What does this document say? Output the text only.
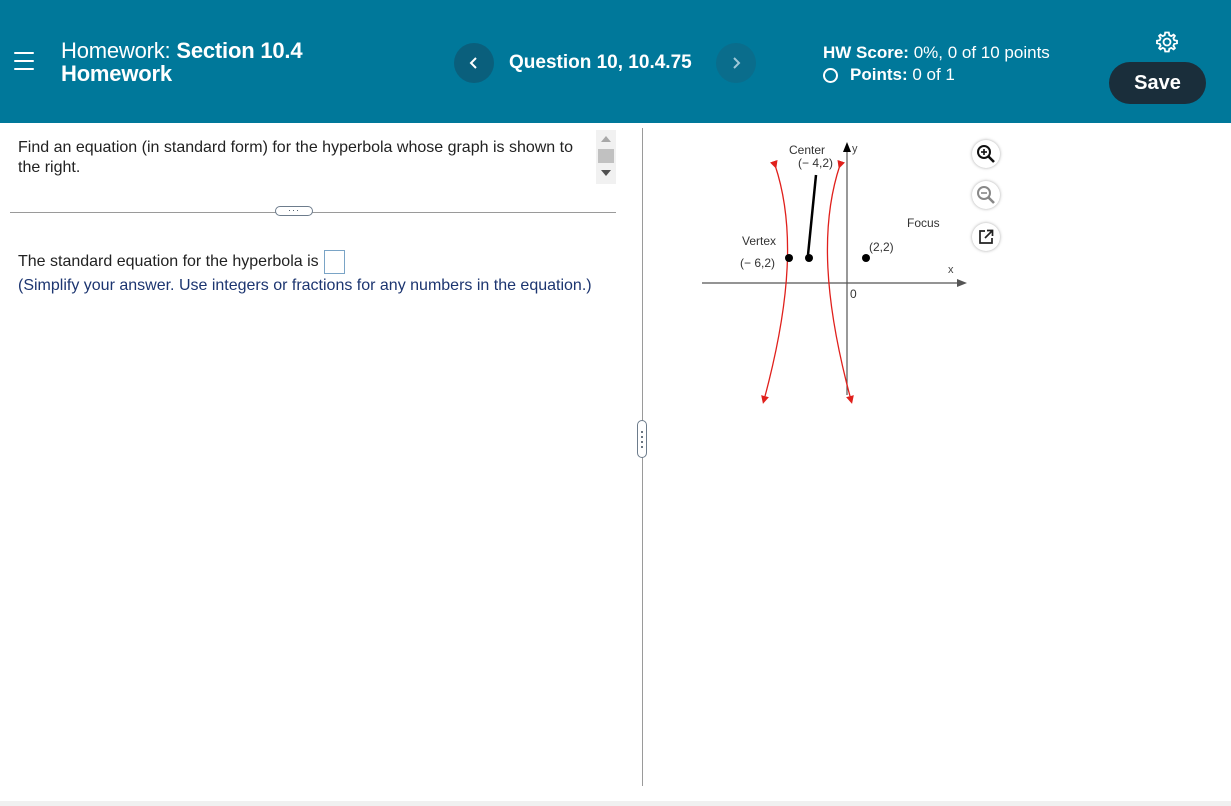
Homework: Section 10.4
Homework	Question 10, 10.4.75	HW Score: 0%, 0 of 10 points
Points:
0 of 1	Save
Find an equation (in standard form) for the hyperbola whose graph is shown to the right.
···
The standard equation for the hyperbola is
(Simplify your answer. Use integers or fractions for any numbers in the equation.)
y
x
0
Center
(− 4,2)
Vertex
(− 6,2)
Focus
(2,2)
